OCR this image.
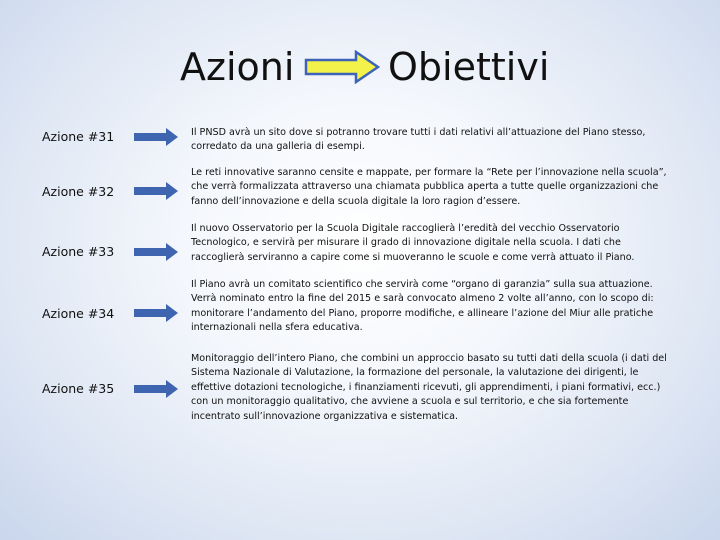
Azioni Obiettivi
Azione #31	Il PNSD avrà un sito dove si potranno trovare tutti i dati relativi all’attuazione del Piano stesso,
corredato da una galleria di esempi.
Azione #32
Le reti innovative saranno censite e mappate, per formare la “Rete per l’innovazione nella scuola”,
che verrà formalizzata attraverso una chiamata pubblica aperta a tutte quelle organizzazioni che
fanno dell’innovazione e della scuola digitale la loro ragion d’essere.
Azione #33
Il nuovo Osservatorio per la Scuola Digitale raccoglierà l’eredità del vecchio Osservatorio
Tecnologico, e servirà per misurare il grado di innovazione digitale nella scuola. I dati che
raccoglierà serviranno a capire come si muoveranno le scuole e come verrà attuato il Piano.
Azione #34
Il Piano avrà un comitato scientifico che servirà come “organo di garanzia” sulla sua attuazione.
Verrà nominato entro la fine del 2015 e sarà convocato almeno 2 volte all’anno, con lo scopo di:
monitorare l’andamento del Piano, proporre modifiche, e allineare l’azione del Miur alle pratiche
internazionali nella sfera educativa.
Azione #35
Monitoraggio dell’intero Piano, che combini un approccio basato su tutti dati della scuola (i dati del
Sistema Nazionale di Valutazione, la formazione del personale, la valutazione dei dirigenti, le
effettive dotazioni tecnologiche, i finanziamenti ricevuti, gli apprendimenti, i piani formativi, ecc.)
con un monitoraggio qualitativo, che avviene a scuola e sul territorio, e che sia fortemente
incentrato sull’innovazione organizzativa e sistematica.
